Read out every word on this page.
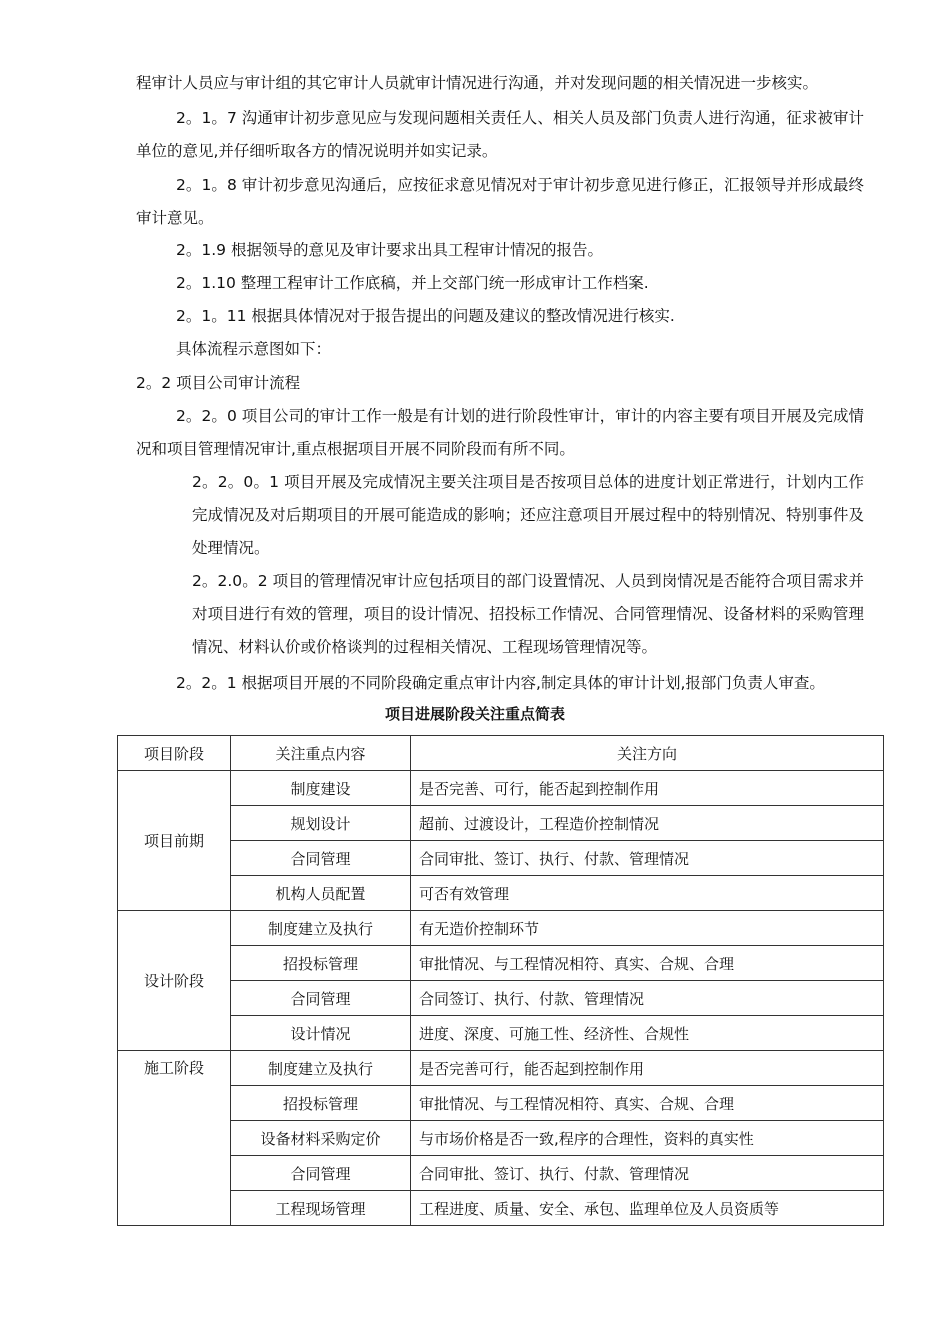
程审计人员应与审计组的其它审计人员就审计情况进行沟通，并对发现问题的相关情况进一步核实。

2。1。7 沟通审计初步意见应与发现问题相关责任人、相关人员及部门负责人进行沟通，征求被审计单位的意见,并仔细听取各方的情况说明并如实记录。

2。1。8 审计初步意见沟通后，应按征求意见情况对于审计初步意见进行修正，汇报领导并形成最终审计意见。

2。1.9 根据领导的意见及审计要求出具工程审计情况的报告。

2。1.10 整理工程审计工作底稿，并上交部门统一形成审计工作档案.

2。1。11 根据具体情况对于报告提出的问题及建议的整改情况进行核实.

具体流程示意图如下：

2。2 项目公司审计流程

2。2。0 项目公司的审计工作一般是有计划的进行阶段性审计，审计的内容主要有项目开展及完成情况和项目管理情况审计,重点根据项目开展不同阶段而有所不同。

2。2。0。1 项目开展及完成情况主要关注项目是否按项目总体的进度计划正常进行，计划内工作完成情况及对后期项目的开展可能造成的影响；还应注意项目开展过程中的特别情况、特别事件及处理情况。

2。2.0。2 项目的管理情况审计应包括项目的部门设置情况、人员到岗情况是否能符合项目需求并对项目进行有效的管理，项目的设计情况、招投标工作情况、合同管理情况、设备材料的采购管理情况、材料认价或价格谈判的过程相关情况、工程现场管理情况等。

2。2。1 根据项目开展的不同阶段确定重点审计内容,制定具体的审计计划,报部门负责人审查。

项目进展阶段关注重点简表

项目阶段	关注重点内容	关注方向
项目前期	制度建设	是否完善、可行，能否起到控制作用
	规划设计	超前、过渡设计，工程造价控制情况
	合同管理	合同审批、签订、执行、付款、管理情况
	机构人员配置	可否有效管理
设计阶段	制度建立及执行	有无造价控制环节
	招投标管理	审批情况、与工程情况相符、真实、合规、合理
	合同管理	合同签订、执行、付款、管理情况
	设计情况	进度、深度、可施工性、经济性、合规性
施工阶段	制度建立及执行	是否完善可行，能否起到控制作用
	招投标管理	审批情况、与工程情况相符、真实、合规、合理
	设备材料采购定价	与市场价格是否一致,程序的合理性，资料的真实性
	合同管理	合同审批、签订、执行、付款、管理情况
	工程现场管理	工程进度、质量、安全、承包、监理单位及人员资质等
